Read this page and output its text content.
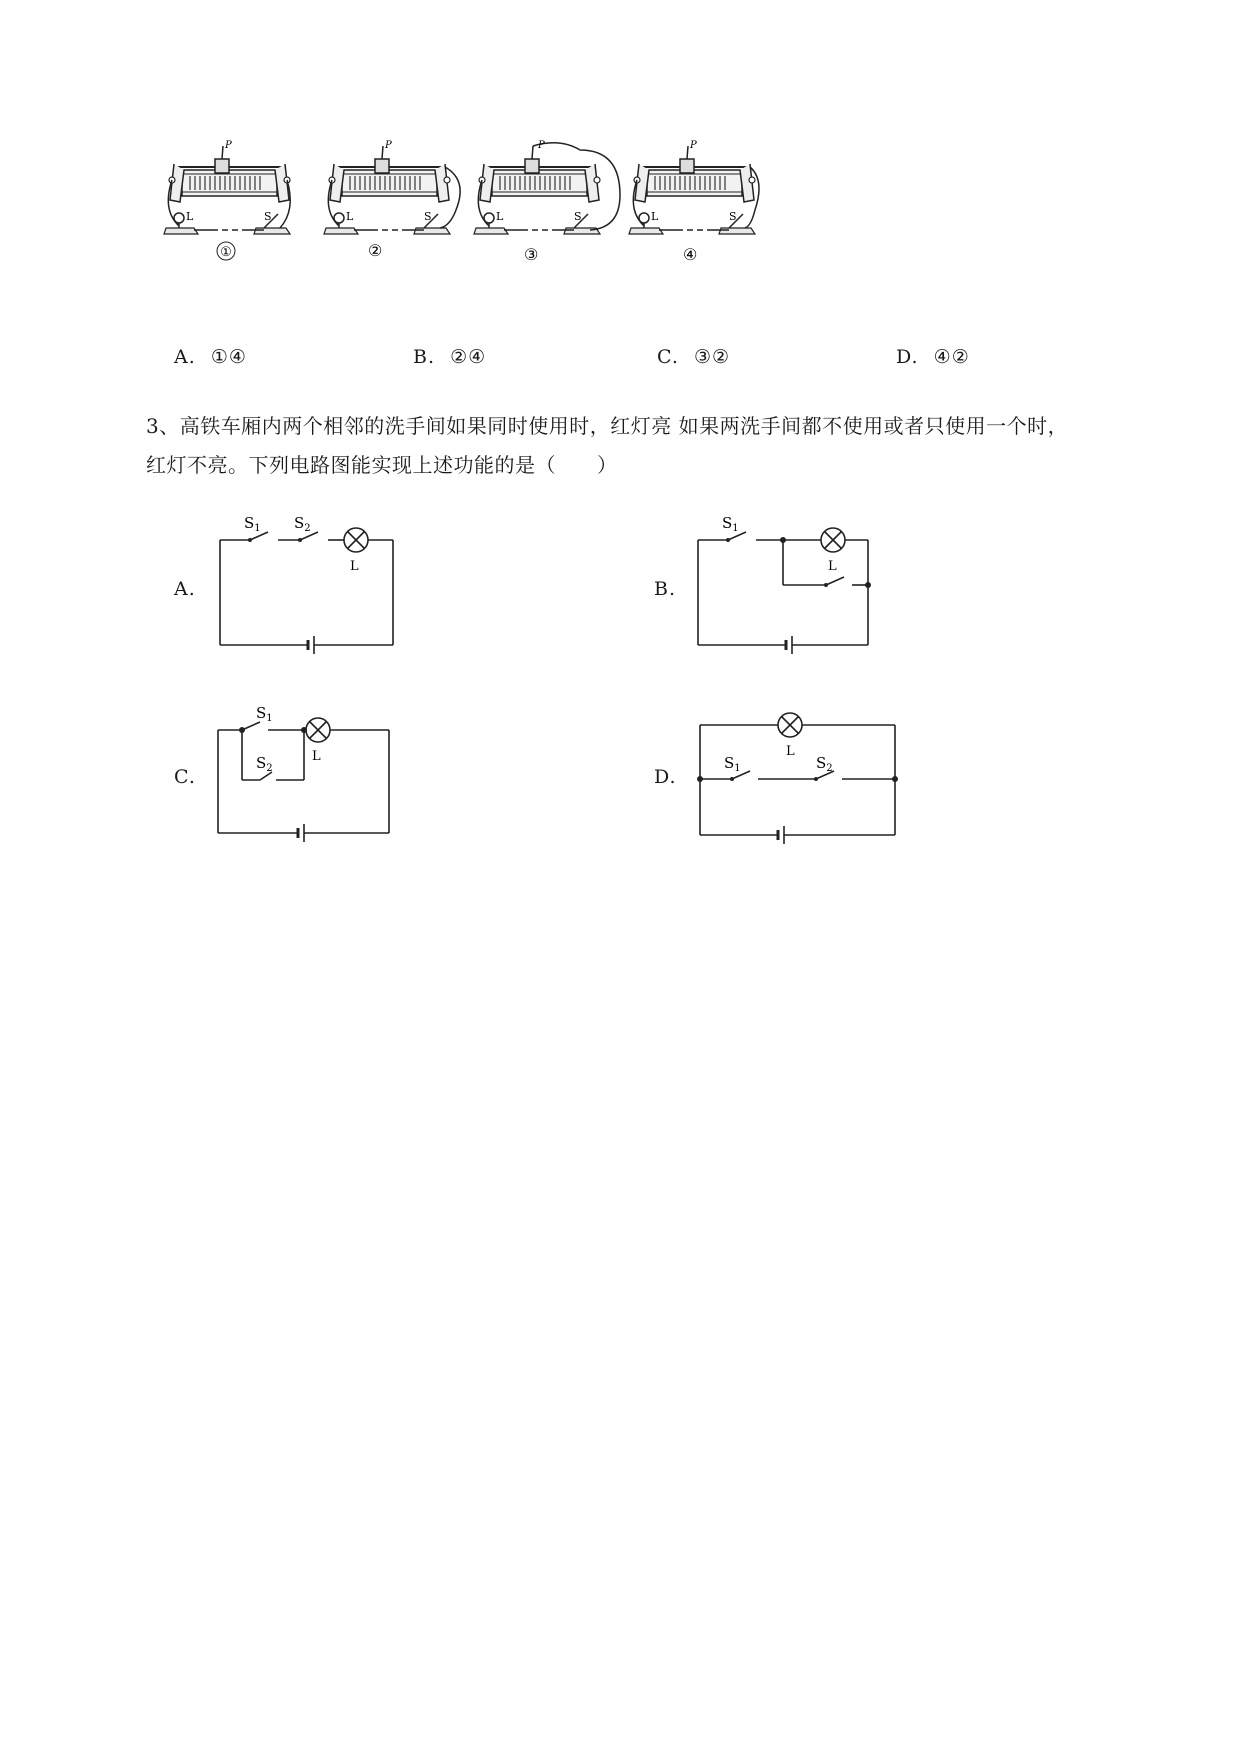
L	S
P
①
L	S
P
②
L	S
P
③
L	S
P
④
A. ①④	B. ②④	C. ③②	D. ④②
3、高铁车厢内两个相邻的洗手间如果同时使用时，红灯亮 如果两洗手间都不使用或者只使用一个时，
红灯不亮。下列电路图能实现上述功能的是（　　）
A.
$S_1$ $S_2$
L
B.
$S_1$
L
C.
$S_1$
$S_2$
L
D.
$S_1$	$S_2$
L
